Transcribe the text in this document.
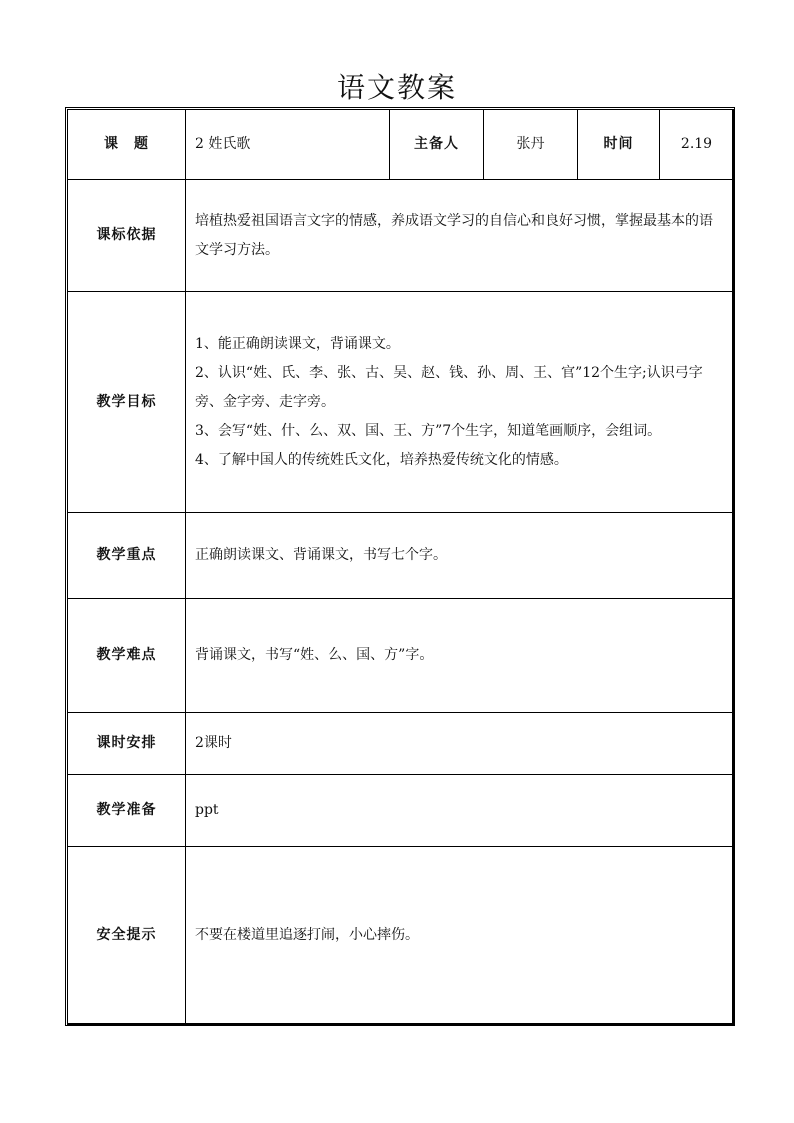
语文教案
课　题	2 姓氏歌	主备人	张丹	时间	2.19
课标依据	培植热爱祖国语言文字的情感，养成语文学习的自信心和良好习惯，掌握最基本的语文学习方法。				
教学目标	1、能正确朗读课文，背诵课文。
2、认识“姓、氏、李、张、古、吴、赵、钱、孙、周、王、官”12个生字;认识弓字旁、金字旁、走字旁。
3、会写“姓、什、么、双、国、王、方”7个生字，知道笔画顺序，会组词。
4、了解中国人的传统姓氏文化，培养热爱传统文化的情感。				

教学重点	正确朗读课文、背诵课文，书写七个字。				
教学难点	背诵课文，书写“姓、么、国、方”字。				
课时安排	2课时				
教学准备	ppt				
安全提示	不要在楼道里追逐打闹，小心摔伤。				
